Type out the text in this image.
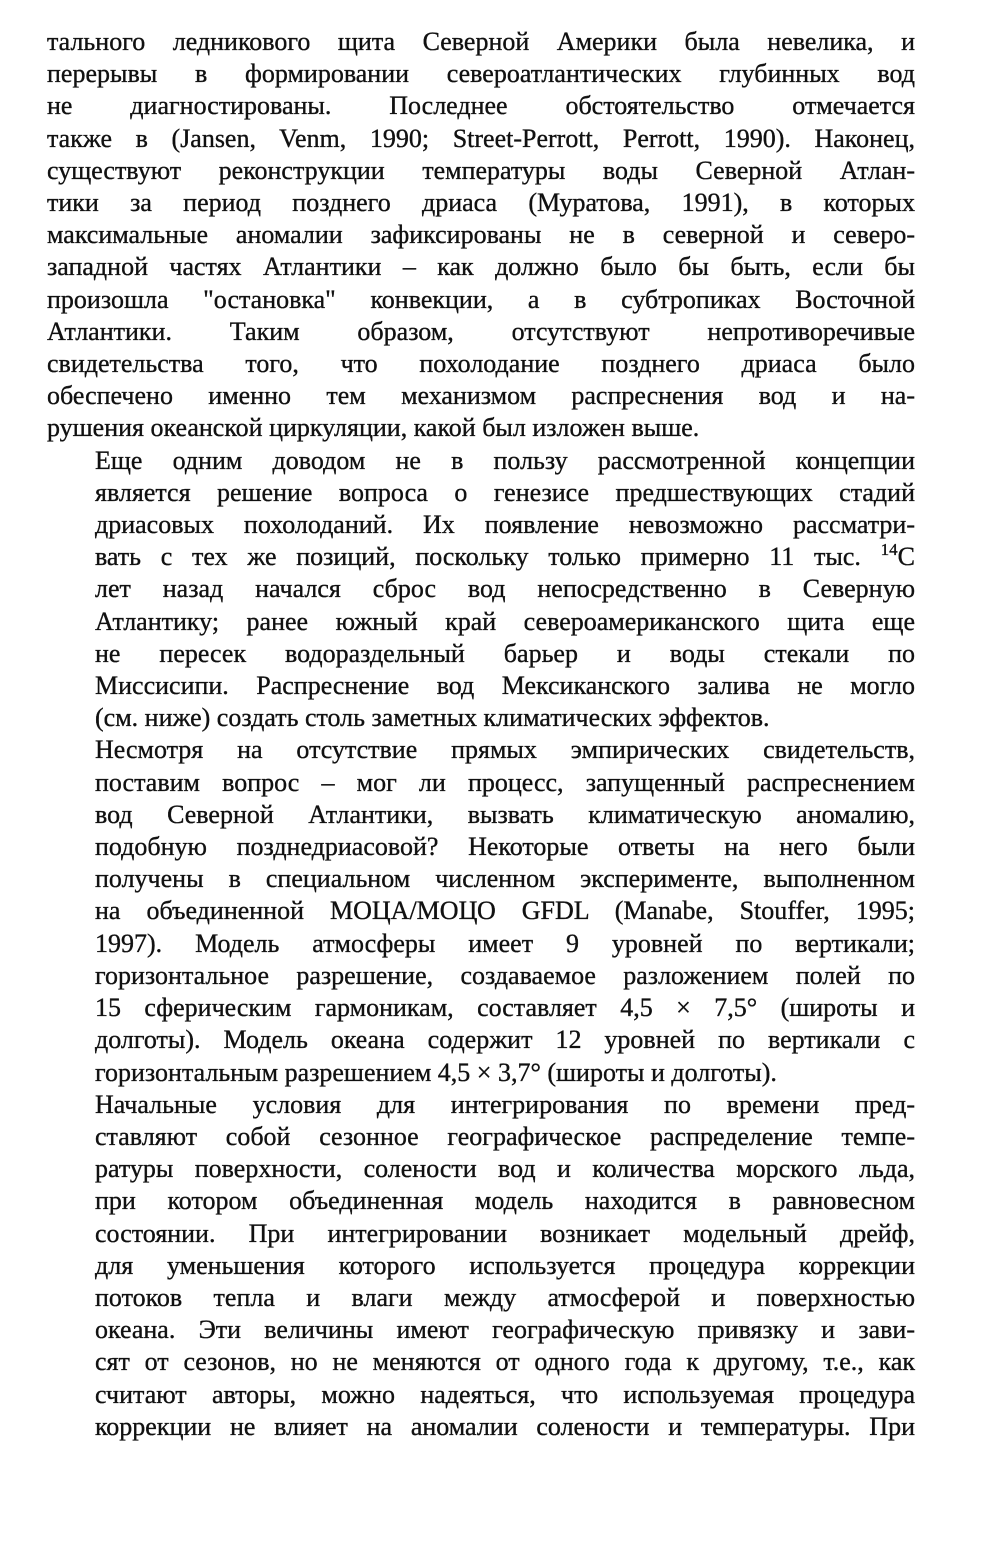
тального ледникового щита Северной Америки была невелика, и
перерывы в формировании североатлантических глубинных вод
не диагностированы. Последнее обстоятельство отмечается
также в (Jansen, Venm, 1990; Street-Perrott, Perrott, 1990). Наконец,
существуют реконструкции температуры воды Северной Атлан-
тики за период позднего дриаса (Муратова, 1991), в которых
максимальные аномалии зафиксированы не в северной и северо-
западной частях Атлантики – как должно было бы быть, если бы
произошла "остановка" конвекции, а в субтропиках Восточной
Атлантики. Таким образом, отсутствуют непротиворечивые
свидетельства того, что похолодание позднего дриаса было
обеспечено именно тем механизмом распреснения вод и на-
рушения океанской циркуляции, какой был изложен выше.
Еще одним доводом не в пользу рассмотренной концепции
является решение вопроса о генезисе предшествующих стадий
дриасовых похолоданий. Их появление невозможно рассматри-
вать с тех же позиций, поскольку только примерно 11 тыс. $^{14}$С
лет назад начался сброс вод непосредственно в Северную
Атлантику; ранее южный край североамериканского щита еще
не пересек водораздельный барьер и воды стекали по
Миссисипи. Распреснение вод Мексиканского залива не могло
(см. ниже) создать столь заметных климатических эффектов.
Несмотря на отсутствие прямых эмпирических свидетельств,
поставим вопрос – мог ли процесс, запущенный распреснением
вод Северной Атлантики, вызвать климатическую аномалию,
подобную позднедриасовой? Некоторые ответы на него были
получены в специальном численном эксперименте, выполненном
на объединенной МОЦА/МОЦО GFDL (Manabe, Stouffer, 1995;
1997). Модель атмосферы имеет 9 уровней по вертикали;
горизонтальное разрешение, создаваемое разложением полей по
15 сферическим гармоникам, составляет 4,5 × 7,5° (широты и
долготы). Модель океана содержит 12 уровней по вертикали с
горизонтальным разрешением 4,5 × 3,7° (широты и долготы).
Начальные условия для интегрирования по времени пред-
ставляют собой сезонное географическое распределение темпе-
ратуры поверхности, солености вод и количества морского льда,
при котором объединенная модель находится в равновесном
состоянии. При интегрировании возникает модельный дрейф,
для уменьшения которого используется процедура коррекции
потоков тепла и влаги между атмосферой и поверхностью
океана. Эти величины имеют географическую привязку и зави-
сят от сезонов, но не меняются от одного года к другому, т.е., как
считают авторы, можно надеяться, что используемая процедура
коррекции не влияет на аномалии солености и температуры. При
